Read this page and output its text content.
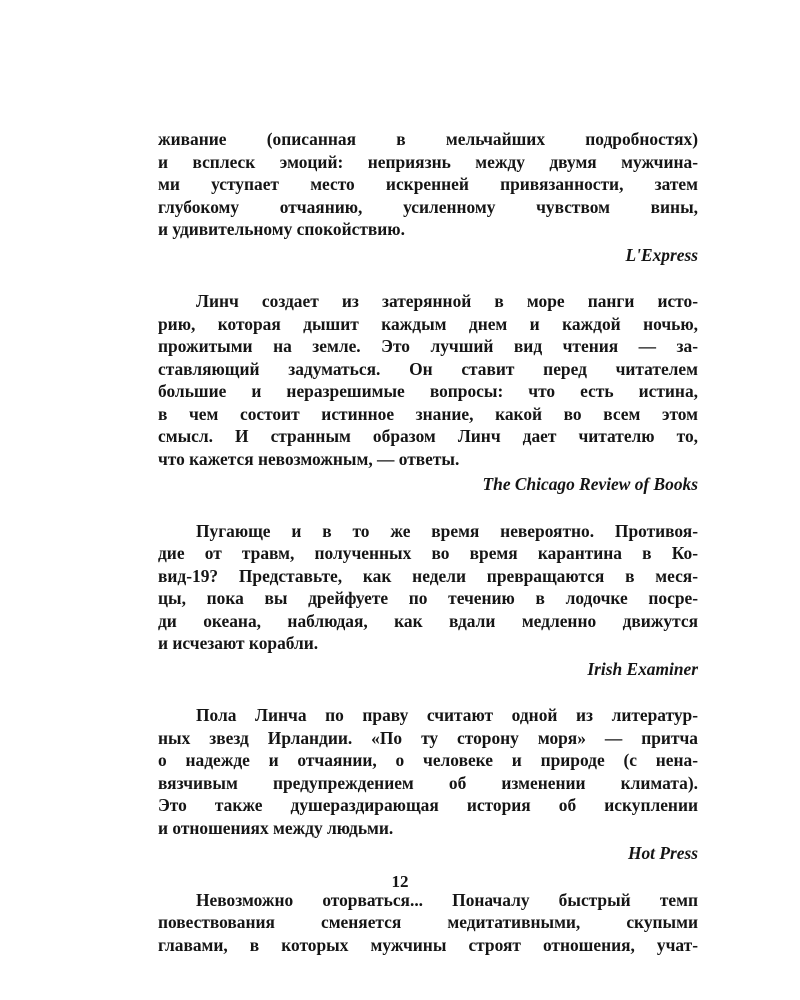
живание (описанная в мельчайших подробностях)
и всплеск эмоций: неприязнь между двумя мужчина-
ми уступает место искренней привязанности, затем
глубокому отчаянию, усиленному чувством вины,
и удивительному спокойствию.
L'Express
Линч создает из затерянной в море панги исто-
рию, которая дышит каждым днем и каждой ночью,
прожитыми на земле. Это лучший вид чтения — за-
ставляющий задуматься. Он ставит перед читателем
большие и неразрешимые вопросы: что есть истина,
в чем состоит истинное знание, какой во всем этом
смысл. И странным образом Линч дает читателю то,
что кажется невозможным, — ответы.
The Chicago Review of Books
Пугающе и в то же время невероятно. Противоя-
дие от травм, полученных во время карантина в Ко-
вид-19? Представьте, как недели превращаются в меся-
цы, пока вы дрейфуете по течению в лодочке посре-
ди океана, наблюдая, как вдали медленно движутся
и исчезают корабли.
Irish Examiner
Пола Линча по праву считают одной из литератур-
ных звезд Ирландии. «По ту сторону моря» — притча
о надежде и отчаянии, о человеке и природе (с нена-
вязчивым предупреждением об изменении климата).
Это также душераздирающая история об искуплении
и отношениях между людьми.
Hot Press
Невозможно оторваться... Поначалу быстрый темп
повествования сменяется медитативными, скупыми
главами, в которых мужчины строят отношения, учат-
12
